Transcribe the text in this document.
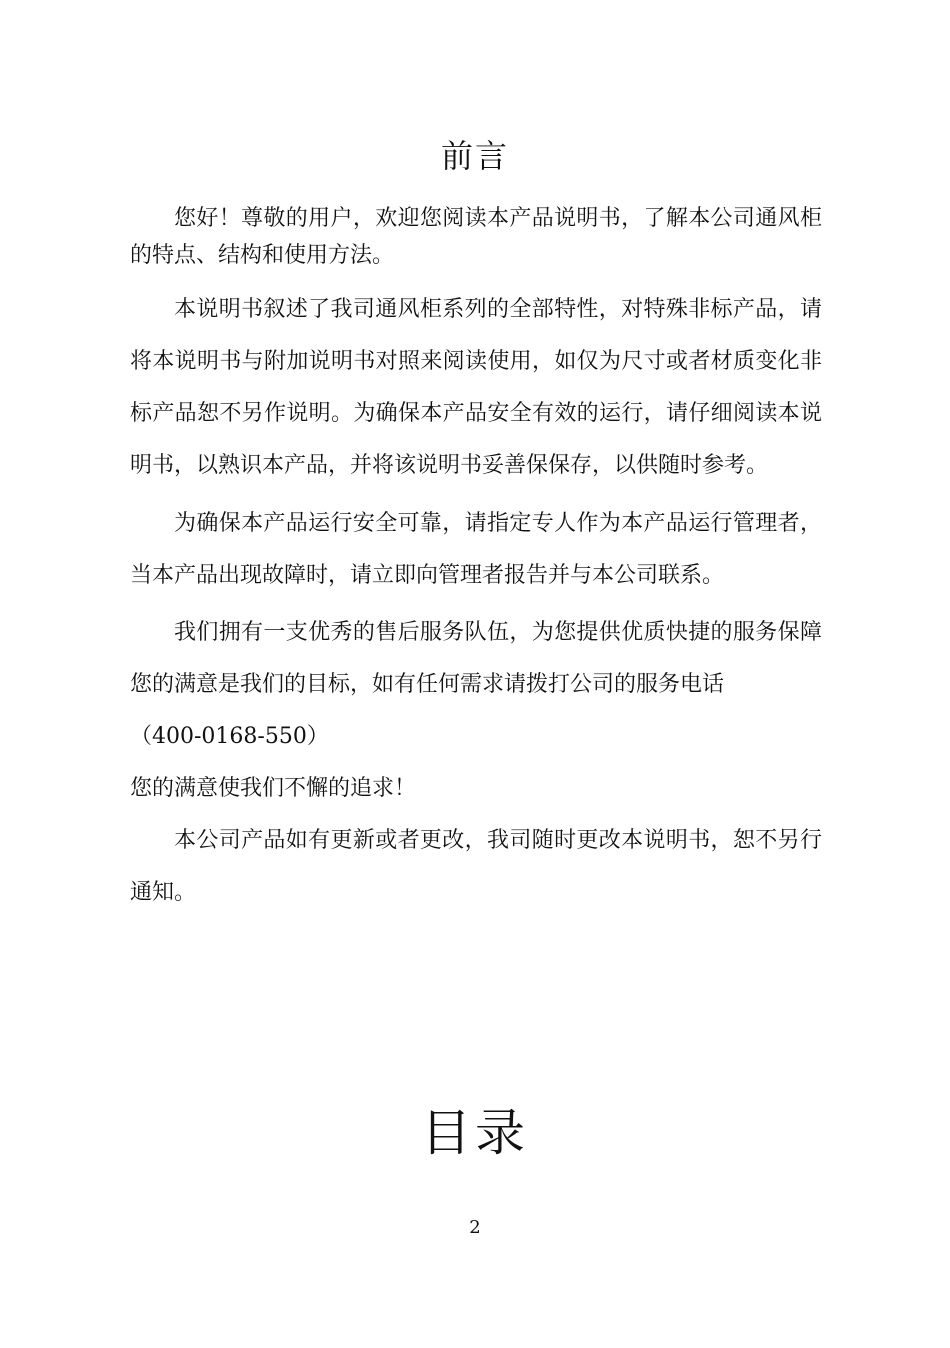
前言

您好！尊敬的用户，欢迎您阅读本产品说明书，了解本公司通风柜的特点、结构和使用方法。

本说明书叙述了我司通风柜系列的全部特性，对特殊非标产品，请将本说明书与附加说明书对照来阅读使用，如仅为尺寸或者材质变化非标产品恕不另作说明。为确保本产品安全有效的运行，请仔细阅读本说明书，以熟识本产品，并将该说明书妥善保保存，以供随时参考。

为确保本产品运行安全可靠，请指定专人作为本产品运行管理者，当本产品出现故障时，请立即向管理者报告并与本公司联系。

我们拥有一支优秀的售后服务队伍，为您提供优质快捷的服务保障您的满意是我们的目标，如有任何需求请拨打公司的服务电话
（400-0168-550）

您的满意使我们不懈的追求！

本公司产品如有更新或者更改，我司随时更改本说明书，恕不另行通知。

目录
2
